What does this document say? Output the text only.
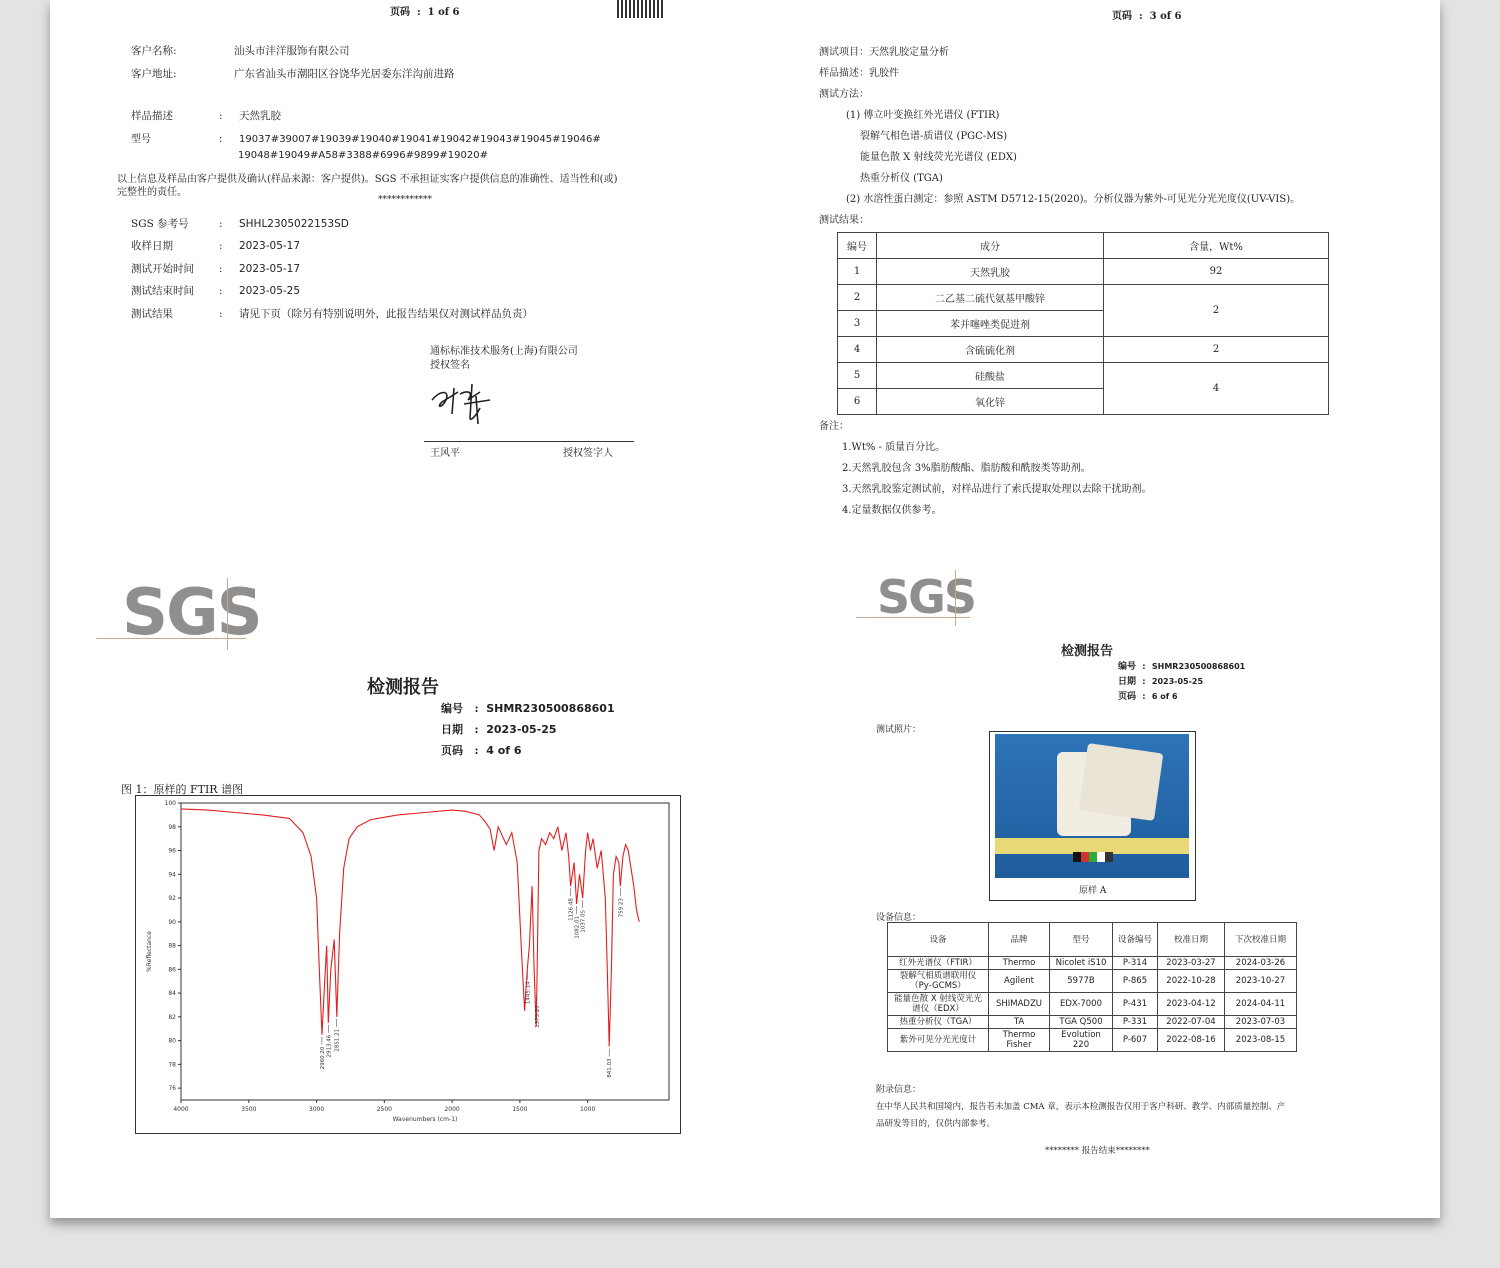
页码  :  1 of 6
客户名称:	汕头市沣洋服饰有限公司
客户地址:	广东省汕头市潮阳区谷饶华光居委东洋沟前进路
样品描述	: 天然乳胶
型号	: 19037#39007#19039#19040#19041#19042#19043#19045#19046#
19048#19049#A58#3388#6996#9899#19020#
以上信息及样品由客户提供及确认(样品来源：客户提供)。SGS 不承担证实客户提供信息的准确性、适当性和(或)
完整性的责任。
************
SGS 参考号	: SHHL2305022153SD
收样日期	: 2023-05-17
测试开始时间 : 2023-05-17
测试结束时间 : 2023-05-25
测试结果	: 请见下页（除另有特别说明外，此报告结果仅对测试样品负责）
通标标准技术服务(上海)有限公司
授权签名
王风平	授权签字人
页码  :  3 of 6
测试项目：天然乳胶定量分析
样品描述：乳胶件
测试方法：
(1) 傅立叶变换红外光谱仪 (FTIR)
裂解气相色谱-质谱仪 (PGC-MS)
能量色散 X 射线荧光光谱仪 (EDX)
热重分析仪 (TGA)
(2) 水溶性蛋白测定：参照 ASTM D5712-15(2020)。分析仪器为紫外-可见光分光光度仪(UV-VIS)。
测试结果：
编号	成分	含量，Wt%
1	天然乳胶	92
2	二乙基二硫代氨基甲酸锌	2
3	苯并噻唑类促进剂	
4	含硫硫化剂	2
5	硅酸盐	4
6	氧化锌	
备注：
1.Wt% - 质量百分比。
2.天然乳胶包含 3%脂肪酸酯、脂肪酸和酰胺类等助剂。
3.天然乳胶鉴定测试前，对样品进行了索氏提取处理以去除干扰助剂。
4.定量数据仅供参考。
SGS
检测报告
编号   :  SHMR230500868601
日期   :  2023-05-25
页码   :  4 of 6
图 1：原样的 FTIR 谱图
76
78
80
82
84
86
88
90
92
94
96
98
100
4000	3500	3000	2500	2000	1500	1000
Wavenumbers (cm-1)
%Reflectance
2960.20
2913.46 2851.21
1445.14
1375.27
1126.48
1082.01 1037.05
841.03
759.23
SGS
检测报告
编号  :  SHMR230500868601
日期  :  2023-05-25
页码  :  6 of 6
测试照片：
原样 A
设备信息：
设备	品牌	型号	设备编号	校准日期	下次校准日期
红外光谱仪（FTIR）	Thermo	Nicolet iS10	P-314	2023-03-27	2024-03-26
裂解气相质谱联用仪（Py-GCMS）	Agilent	5977B	P-865	2022-10-28	2023-10-27
能量色散 X 射线荧光光谱仪（EDX）	SHIMADZU	EDX-7000	P-431	2023-04-12	2024-04-11
热重分析仪（TGA）	TA	TGA Q500	P-331	2022-07-04	2023-07-03
紫外可见分光光度计	Thermo Fisher	Evolution 220	P-607	2022-08-16	2023-08-15
附录信息：
在中华人民共和国境内，报告若未加盖 CMA 章，表示本检测报告仅用于客户科研、教学、内部质量控制、产
品研发等目的，仅供内部参考。
******** 报告结束********
